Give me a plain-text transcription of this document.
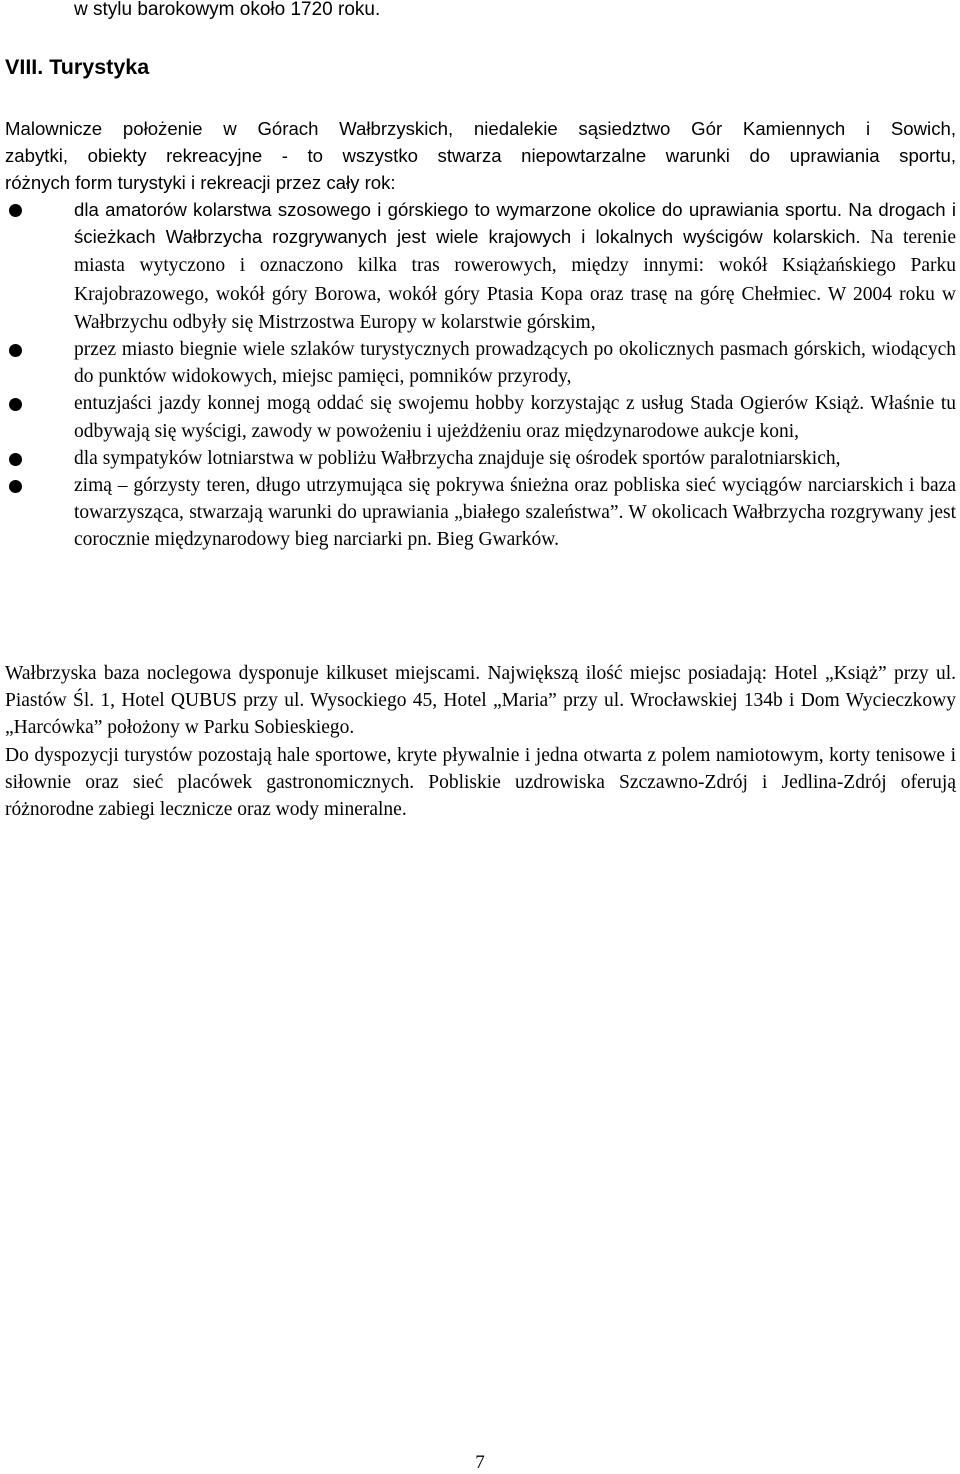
w stylu barokowym około 1720 roku.
VIII. Turystyka
Malownicze położenie w Górach Wałbrzyskich, niedalekie sąsiedztwo Gór Kamiennych i Sowich,
zabytki, obiekty rekreacyjne - to wszystko stwarza niepowtarzalne warunki do uprawiania sportu,
różnych form turystyki i rekreacji przez cały rok:
dla amatorów kolarstwa szosowego i górskiego to wymarzone okolice do uprawiania sportu. Na drogach i ścieżkach Wałbrzycha rozgrywanych jest wiele krajowych i lokalnych wyścigów kolarskich. Na terenie miasta wytyczono i oznaczono kilka tras rowerowych, między innymi: wokół Książańskiego Parku Krajobrazowego, wokół góry Borowa, wokół góry Ptasia Kopa oraz trasę na górę Chełmiec. W 2004 roku w Wałbrzychu odbyły się Mistrzostwa Europy w kolarstwie górskim,
przez miasto biegnie wiele szlaków turystycznych prowadzących po okolicznych pasmach górskich, wiodących do punktów widokowych, miejsc pamięci, pomników przyrody,
entuzjaści jazdy konnej mogą oddać się swojemu hobby korzystając z usług Stada Ogierów Książ. Właśnie tu odbywają się wyścigi, zawody w powożeniu i ujeżdżeniu oraz międzynarodowe aukcje koni,
dla sympatyków lotniarstwa w pobliżu Wałbrzycha znajduje się ośrodek sportów paralotniarskich,
zimą – górzysty teren, długo utrzymująca się pokrywa śnieżna oraz pobliska sieć wyciągów narciarskich i baza towarzysząca, stwarzają warunki do uprawiania „białego szaleństwa”. W okolicach Wałbrzycha rozgrywany jest corocznie międzynarodowy bieg narciarki pn. Bieg Gwarków.

Wałbrzyska baza noclegowa dysponuje kilkuset miejscami. Największą ilość miejsc posiadają: Hotel „Książ” przy ul. Piastów Śl. 1, Hotel QUBUS przy ul. Wysockiego 45, Hotel „Maria” przy ul. Wrocławskiej 134b i Dom Wycieczkowy „Harcówka” położony w Parku Sobieskiego.

Do dyspozycji turystów pozostają hale sportowe, kryte pływalnie i jedna otwarta z polem namiotowym, korty tenisowe i siłownie oraz sieć placówek gastronomicznych. Pobliskie uzdrowiska Szczawno-Zdrój i Jedlina-Zdrój oferują różnorodne zabiegi lecznicze oraz wody mineralne.

7
